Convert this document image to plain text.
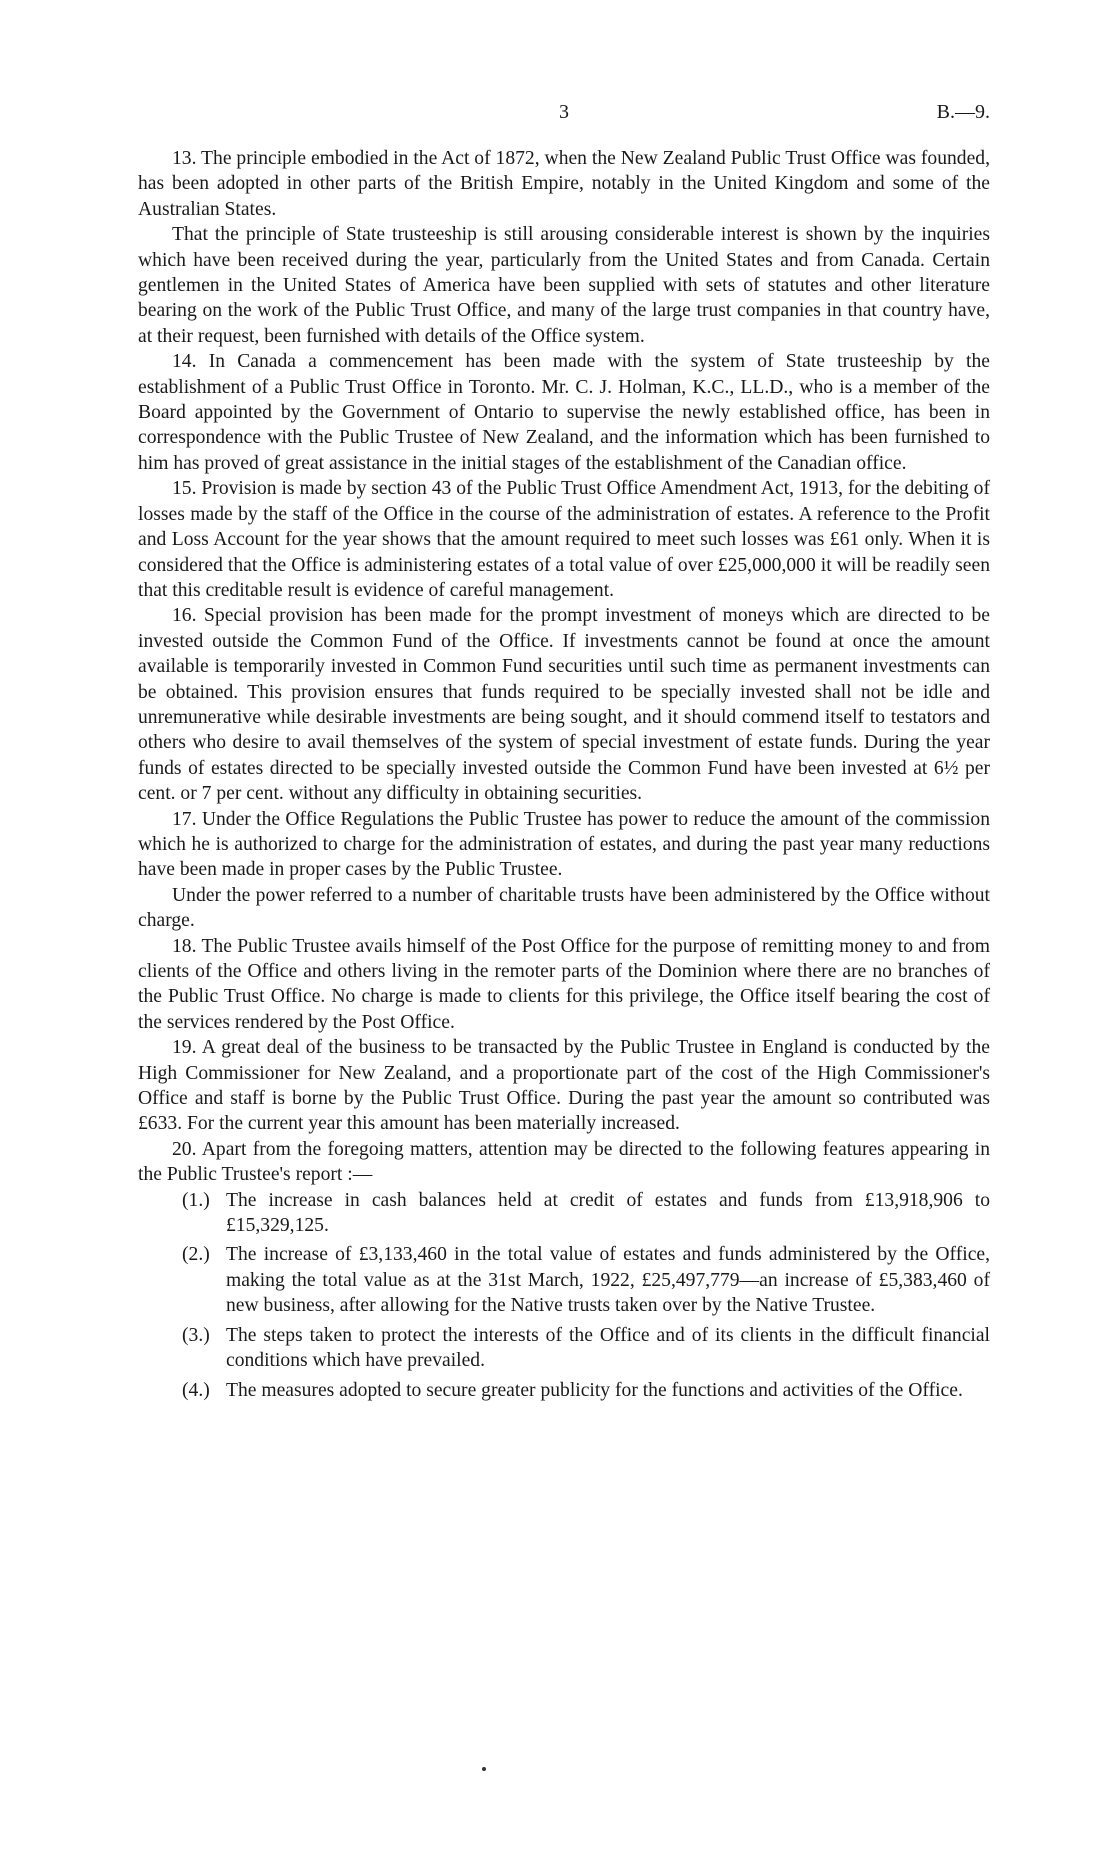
3	B.—9.

13. The principle embodied in the Act of 1872, when the New Zealand Public Trust Office was founded, has been adopted in other parts of the British Empire, notably in the United Kingdom and some of the Australian States.

That the principle of State trusteeship is still arousing considerable interest is shown by the inquiries which have been received during the year, particularly from the United States and from Canada. Certain gentlemen in the United States of America have been supplied with sets of statutes and other literature bearing on the work of the Public Trust Office, and many of the large trust companies in that country have, at their request, been furnished with details of the Office system.

14. In Canada a commencement has been made with the system of State trusteeship by the establishment of a Public Trust Office in Toronto. Mr. C. J. Holman, K.C., LL.D., who is a member of the Board appointed by the Government of Ontario to supervise the newly established office, has been in correspondence with the Public Trustee of New Zealand, and the information which has been furnished to him has proved of great assistance in the initial stages of the establishment of the Canadian office.

15. Provision is made by section 43 of the Public Trust Office Amendment Act, 1913, for the debiting of losses made by the staff of the Office in the course of the administration of estates. A reference to the Profit and Loss Account for the year shows that the amount required to meet such losses was £61 only. When it is considered that the Office is administering estates of a total value of over £25,000,000 it will be readily seen that this creditable result is evidence of careful management.

16. Special provision has been made for the prompt investment of moneys which are directed to be invested outside the Common Fund of the Office. If investments cannot be found at once the amount available is temporarily invested in Common Fund securities until such time as permanent investments can be obtained. This provision ensures that funds required to be specially invested shall not be idle and unremunerative while desirable investments are being sought, and it should commend itself to testators and others who desire to avail themselves of the system of special investment of estate funds. During the year funds of estates directed to be specially invested outside the Common Fund have been invested at 6½ per cent. or 7 per cent. without any difficulty in obtaining securities.

17. Under the Office Regulations the Public Trustee has power to reduce the amount of the commission which he is authorized to charge for the administration of estates, and during the past year many reductions have been made in proper cases by the Public Trustee.

Under the power referred to a number of charitable trusts have been administered by the Office without charge.

18. The Public Trustee avails himself of the Post Office for the purpose of remitting money to and from clients of the Office and others living in the remoter parts of the Dominion where there are no branches of the Public Trust Office. No charge is made to clients for this privilege, the Office itself bearing the cost of the services rendered by the Post Office.

19. A great deal of the business to be transacted by the Public Trustee in England is conducted by the High Commissioner for New Zealand, and a proportionate part of the cost of the High Commissioner's Office and staff is borne by the Public Trust Office. During the past year the amount so contributed was £633. For the current year this amount has been materially increased.

20. Apart from the foregoing matters, attention may be directed to the following features appearing in the Public Trustee's report :—

(1.) The increase in cash balances held at credit of estates and funds from £13,918,906 to £15,329,125.
(2.) The increase of £3,133,460 in the total value of estates and funds administered by the Office, making the total value as at the 31st March, 1922, £25,497,779—an increase of £5,383,460 of new business, after allowing for the Native trusts taken over by the Native Trustee.
(3.) The steps taken to protect the interests of the Office and of its clients in the difficult financial conditions which have prevailed.
(4.) The measures adopted to secure greater publicity for the functions and activities of the Office.
